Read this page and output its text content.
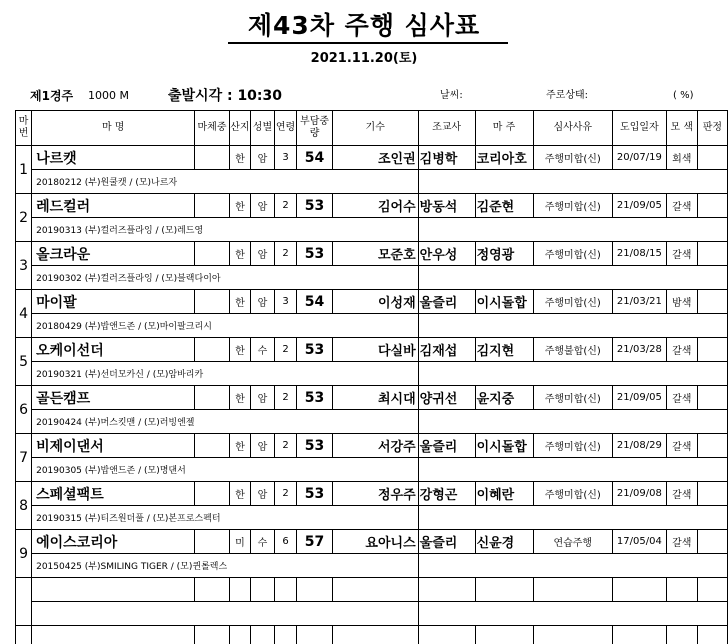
제43차 주행 심사표
2021.11.20(토)
제1경주 1000 M	출발시각 : 10:30	날씨:	주로상태:	( %)
마번	마 명	마체중	산지	성별	연령	부담중량	기수	조교사	마 주	심사사유	도입일자	모 색	판정
1	나르캣		한	암	3	54	조인권	김병학	코리아호	주행미합(신)	20/07/19	회색	
	20180212 (부)원쿨캣 / (모)나르자												
2	레드컬러		한	암	2	53	김어수	방동석	김준현	주행미합(신)	21/09/05	갈색	
	20190313 (부)컬러즈플라잉 / (모)레드영												
3	올크라운		한	암	2	53	모준호	안우성	정영광	주행미합(신)	21/08/15	갈색	
	20190302 (부)컬러즈플라잉 / (모)블랙다이아												
4	마이팔		한	암	3	54	이성재	울즐리	이시돌합	주행미합(신)	21/03/21	밤색	
	20180429 (부)밥앤드존 / (모)마이팔크리시												
5	오케이선더		한	수	2	53	다실바	김재섭	김지현	주행불합(신)	21/03/28	갈색	
	20190321 (부)선더모카신 / (모)암바리카												
6	골든캠프		한	암	2	53	최시대	양귀선	윤지중	주행미합(신)	21/09/05	갈색	
	20190424 (부)머스킷맨 / (모)러빙엔젤												
7	비제이댄서		한	암	2	53	서강주	울즐리	이시돌합	주행미합(신)	21/08/29	갈색	
	20190305 (부)밥앤드존 / (모)명댄서												
8	스페셜팩트		한	암	2	53	정우주	강형곤	이혜란	주행미합(신)	21/09/08	갈색	
	20190315 (부)티즈원더풀 / (모)본프로스펙터												
9	에이스코리아		미	수	6	57	요아니스	울즐리	신윤경	연습주행	17/05/04	갈색	
	20150425 (부)SMILING TIGER / (모)퀸롤렉스												
